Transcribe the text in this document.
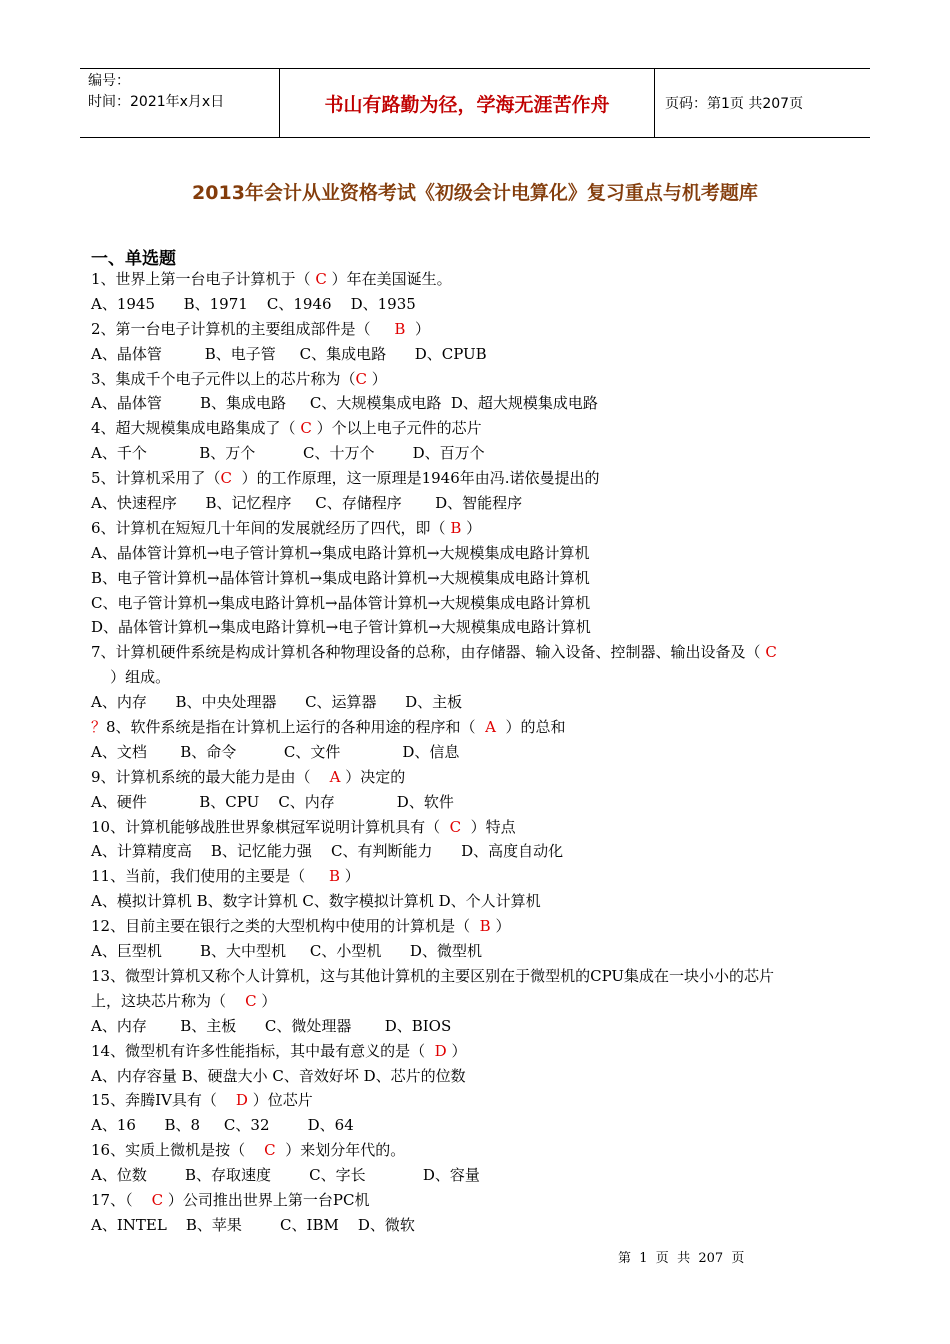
编号：
时间：2021年x月x日	书山有路勤为径，学海无涯苦作舟	页码：第1页 共207页
2013年会计从业资格考试《初级会计电算化》复习重点与机考题库
一、单选题
1、世界上第一台电子计算机于（ C ）年在美国诞生。
A、1945      B、1971    C、1946    D、1935
2、第一台电子计算机的主要组成部件是（     B  ）
A、晶体管         B、电子管     C、集成电路      D、CPUB
3、集成千个电子元件以上的芯片称为（C ）
A、晶体管        B、集成电路     C、大规模集成电路  D、超大规模集成电路
4、超大规模集成电路集成了（ C ）个以上电子元件的芯片
A、千个           B、万个          C、十万个        D、百万个
5、计算机采用了（C  ）的工作原理，这一原理是1946年由冯.诺依曼提出的
A、快速程序      B、记忆程序     C、存储程序       D、智能程序
6、计算机在短短几十年间的发展就经历了四代，即（ B ）
A、晶体管计算机→电子管计算机→集成电路计算机→大规模集成电路计算机
B、电子管计算机→晶体管计算机→集成电路计算机→大规模集成电路计算机
C、电子管计算机→集成电路计算机→晶体管计算机→大规模集成电路计算机
D、晶体管计算机→集成电路计算机→电子管计算机→大规模集成电路计算机
7、计算机硬件系统是构成计算机各种物理设备的总称，由存储器、输入设备、控制器、输出设备及（ C
）组成。
A、内存      B、中央处理器      C、运算器      D、主板
？8、软件系统是指在计算机上运行的各种用途的程序和（  A  ）的总和
A、文档       B、命令          C、文件             D、信息
9、计算机系统的最大能力是由（    A ）决定的
A、硬件           B、CPU    C、内存             D、软件
10、计算机能够战胜世界象棋冠军说明计算机具有（  C  ）特点
A、计算精度高    B、记忆能力强    C、有判断能力      D、高度自动化
11、当前，我们使用的主要是（     B ）
A、模拟计算机 B、数字计算机 C、数字模拟计算机 D、个人计算机
12、目前主要在银行之类的大型机构中使用的计算机是（  B ）
A、巨型机        B、大中型机     C、小型机      D、微型机
13、微型计算机又称个人计算机，这与其他计算机的主要区别在于微型机的CPU集成在一块小小的芯片
上，这块芯片称为（    C ）
A、内存       B、主板      C、微处理器       D、BIOS
14、微型机有许多性能指标，其中最有意义的是（  D ）
A、内存容量 B、硬盘大小 C、音效好坏 D、芯片的位数
15、奔腾IV具有（    D ）位芯片
A、16      B、8     C、32        D、64
16、实质上微机是按（    C  ）来划分年代的。
A、位数        B、存取速度        C、字长            D、容量
17、（    C ）公司推出世界上第一台PC机
A、INTEL    B、苹果        C、IBM    D、微软
第  1  页  共  207  页
